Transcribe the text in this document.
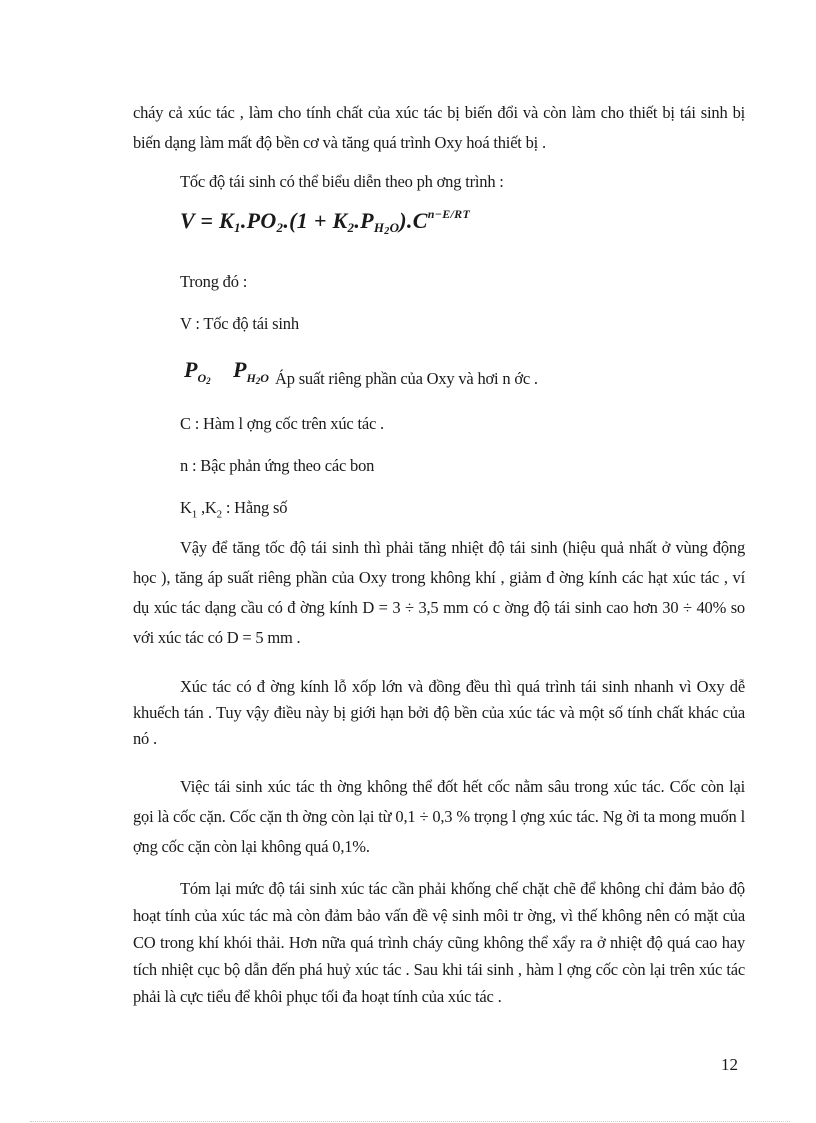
cháy cả xúc tác , làm cho tính chất của xúc tác bị biến đổi và còn làm cho thiết bị tái sinh bị biến dạng làm mất độ bền cơ và tăng quá trình Oxy hoá thiết bị .
Tốc độ tái sinh có thể biểu diễn theo ph ơng trình :
$V = K_1.PO_2.(1 + K_2.P_{H_2O}).C^{n-E/RT}$
Trong đó :
V : Tốc độ tái sinh
$P_{O_2}$ $P_{H_2O}$ Áp suất riêng phần của Oxy và hơi n ớc .
C : Hàm l ợng cốc trên xúc tác .
n : Bậc phản ứng theo các bon
$K_1$ $,K_2$ : Hằng số
Vậy để tăng tốc độ tái sinh thì phải tăng nhiệt độ tái sinh (hiệu quả nhất ở vùng động học ), tăng áp suất riêng phần của Oxy trong không khí , giảm đ ờng kính các hạt xúc tác , ví dụ xúc tác dạng cầu có đ ờng kính D = 3 ÷ 3,5 mm có c ờng độ tái sinh cao hơn 30 ÷ 40% so với xúc tác có D = 5 mm .
Xúc tác có đ ờng kính lỗ xốp lớn và đồng đều thì quá trình tái sinh nhanh vì Oxy dễ khuếch tán . Tuy vậy điều này bị giới hạn bởi độ bền của xúc tác và một số tính chất khác của nó .
Việc tái sinh xúc tác th ờng không thể đốt hết cốc nằm sâu trong xúc tác. Cốc còn lại gọi là cốc cặn. Cốc cặn th ờng còn lại từ 0,1 ÷ 0,3 % trọng l ợng xúc tác. Ng ời ta mong muốn l ợng cốc cặn còn lại không quá 0,1%.
Tóm lại mức độ tái sinh xúc tác cần phải khống chế chặt chẽ để không chỉ đảm bảo độ hoạt tính của xúc tác mà còn đảm bảo vấn đề vệ sinh môi tr ờng, vì thế không nên có mặt của CO trong khí khói thải. Hơn nữa quá trình cháy cũng không thể xẩy ra ở nhiệt độ quá cao hay tích nhiệt cục bộ dẫn đến phá huỷ xúc tác . Sau khi tái sinh , hàm l ợng cốc còn lại trên xúc tác phải là cực tiểu để khôi phục tối đa hoạt tính của xúc tác .
12
